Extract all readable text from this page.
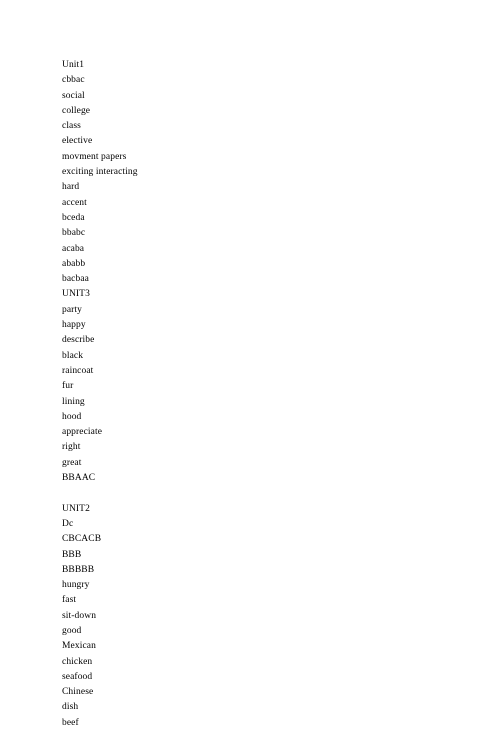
Unit1
cbbac
social
college
class
elective
movment papers
exciting interacting
hard
accent
bcedа
bbabc
acaba
ababb
bacbaa
UNIT3
party
happy
describe
black
raincoat
fur
lining
hood
appreciate
right
great
BBAAC
UNIT2
Dc
CBCACB
BBB
BBBBB
hungry
fast
sit-down
good
Mexican
chicken
seafood
Chinese
dish
beef
